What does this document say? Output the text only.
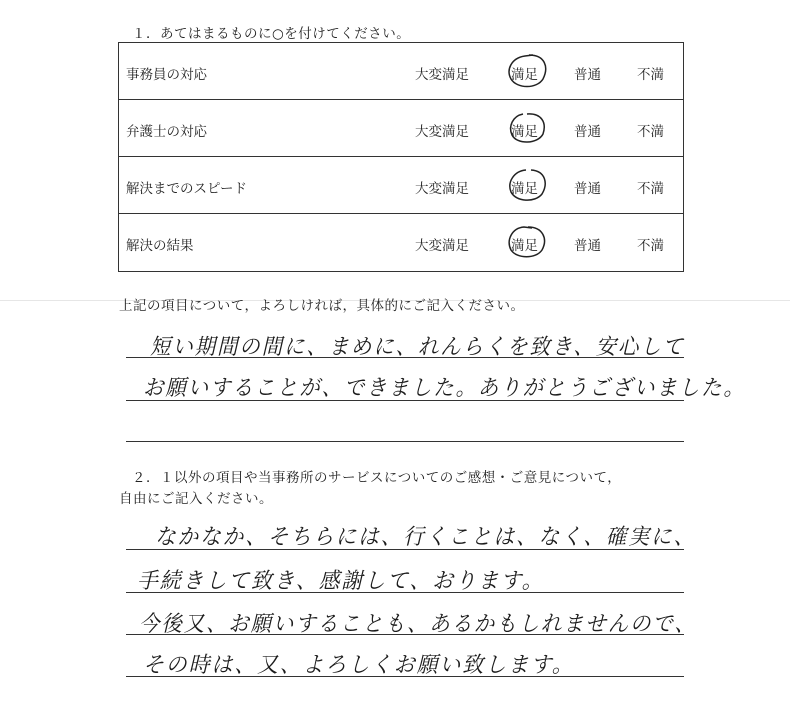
１．あてはまるものに○を付けてください。
事務員の対応	大変満足	満足	普通	不満
弁護士の対応	大変満足	満足	普通	不満
解決までのスピード	大変満足	満足	普通	不満
解決の結果	大変満足	満足	普通	不満
上記の項目について，よろしければ，具体的にご記入ください。
短い期間の間に、まめに、れんらくを致き、安心して
お願いすることが、できました。ありがとうございました。
２．１以外の項目や当事務所のサービスについてのご感想・ご意見について，
自由にご記入ください。
なかなか、そちらには、行くことは、なく、確実に、
手続きして致き、感謝して、おります。
今後又、お願いすることも、あるかもしれませんので、
その時は、又、よろしくお願い致します。
